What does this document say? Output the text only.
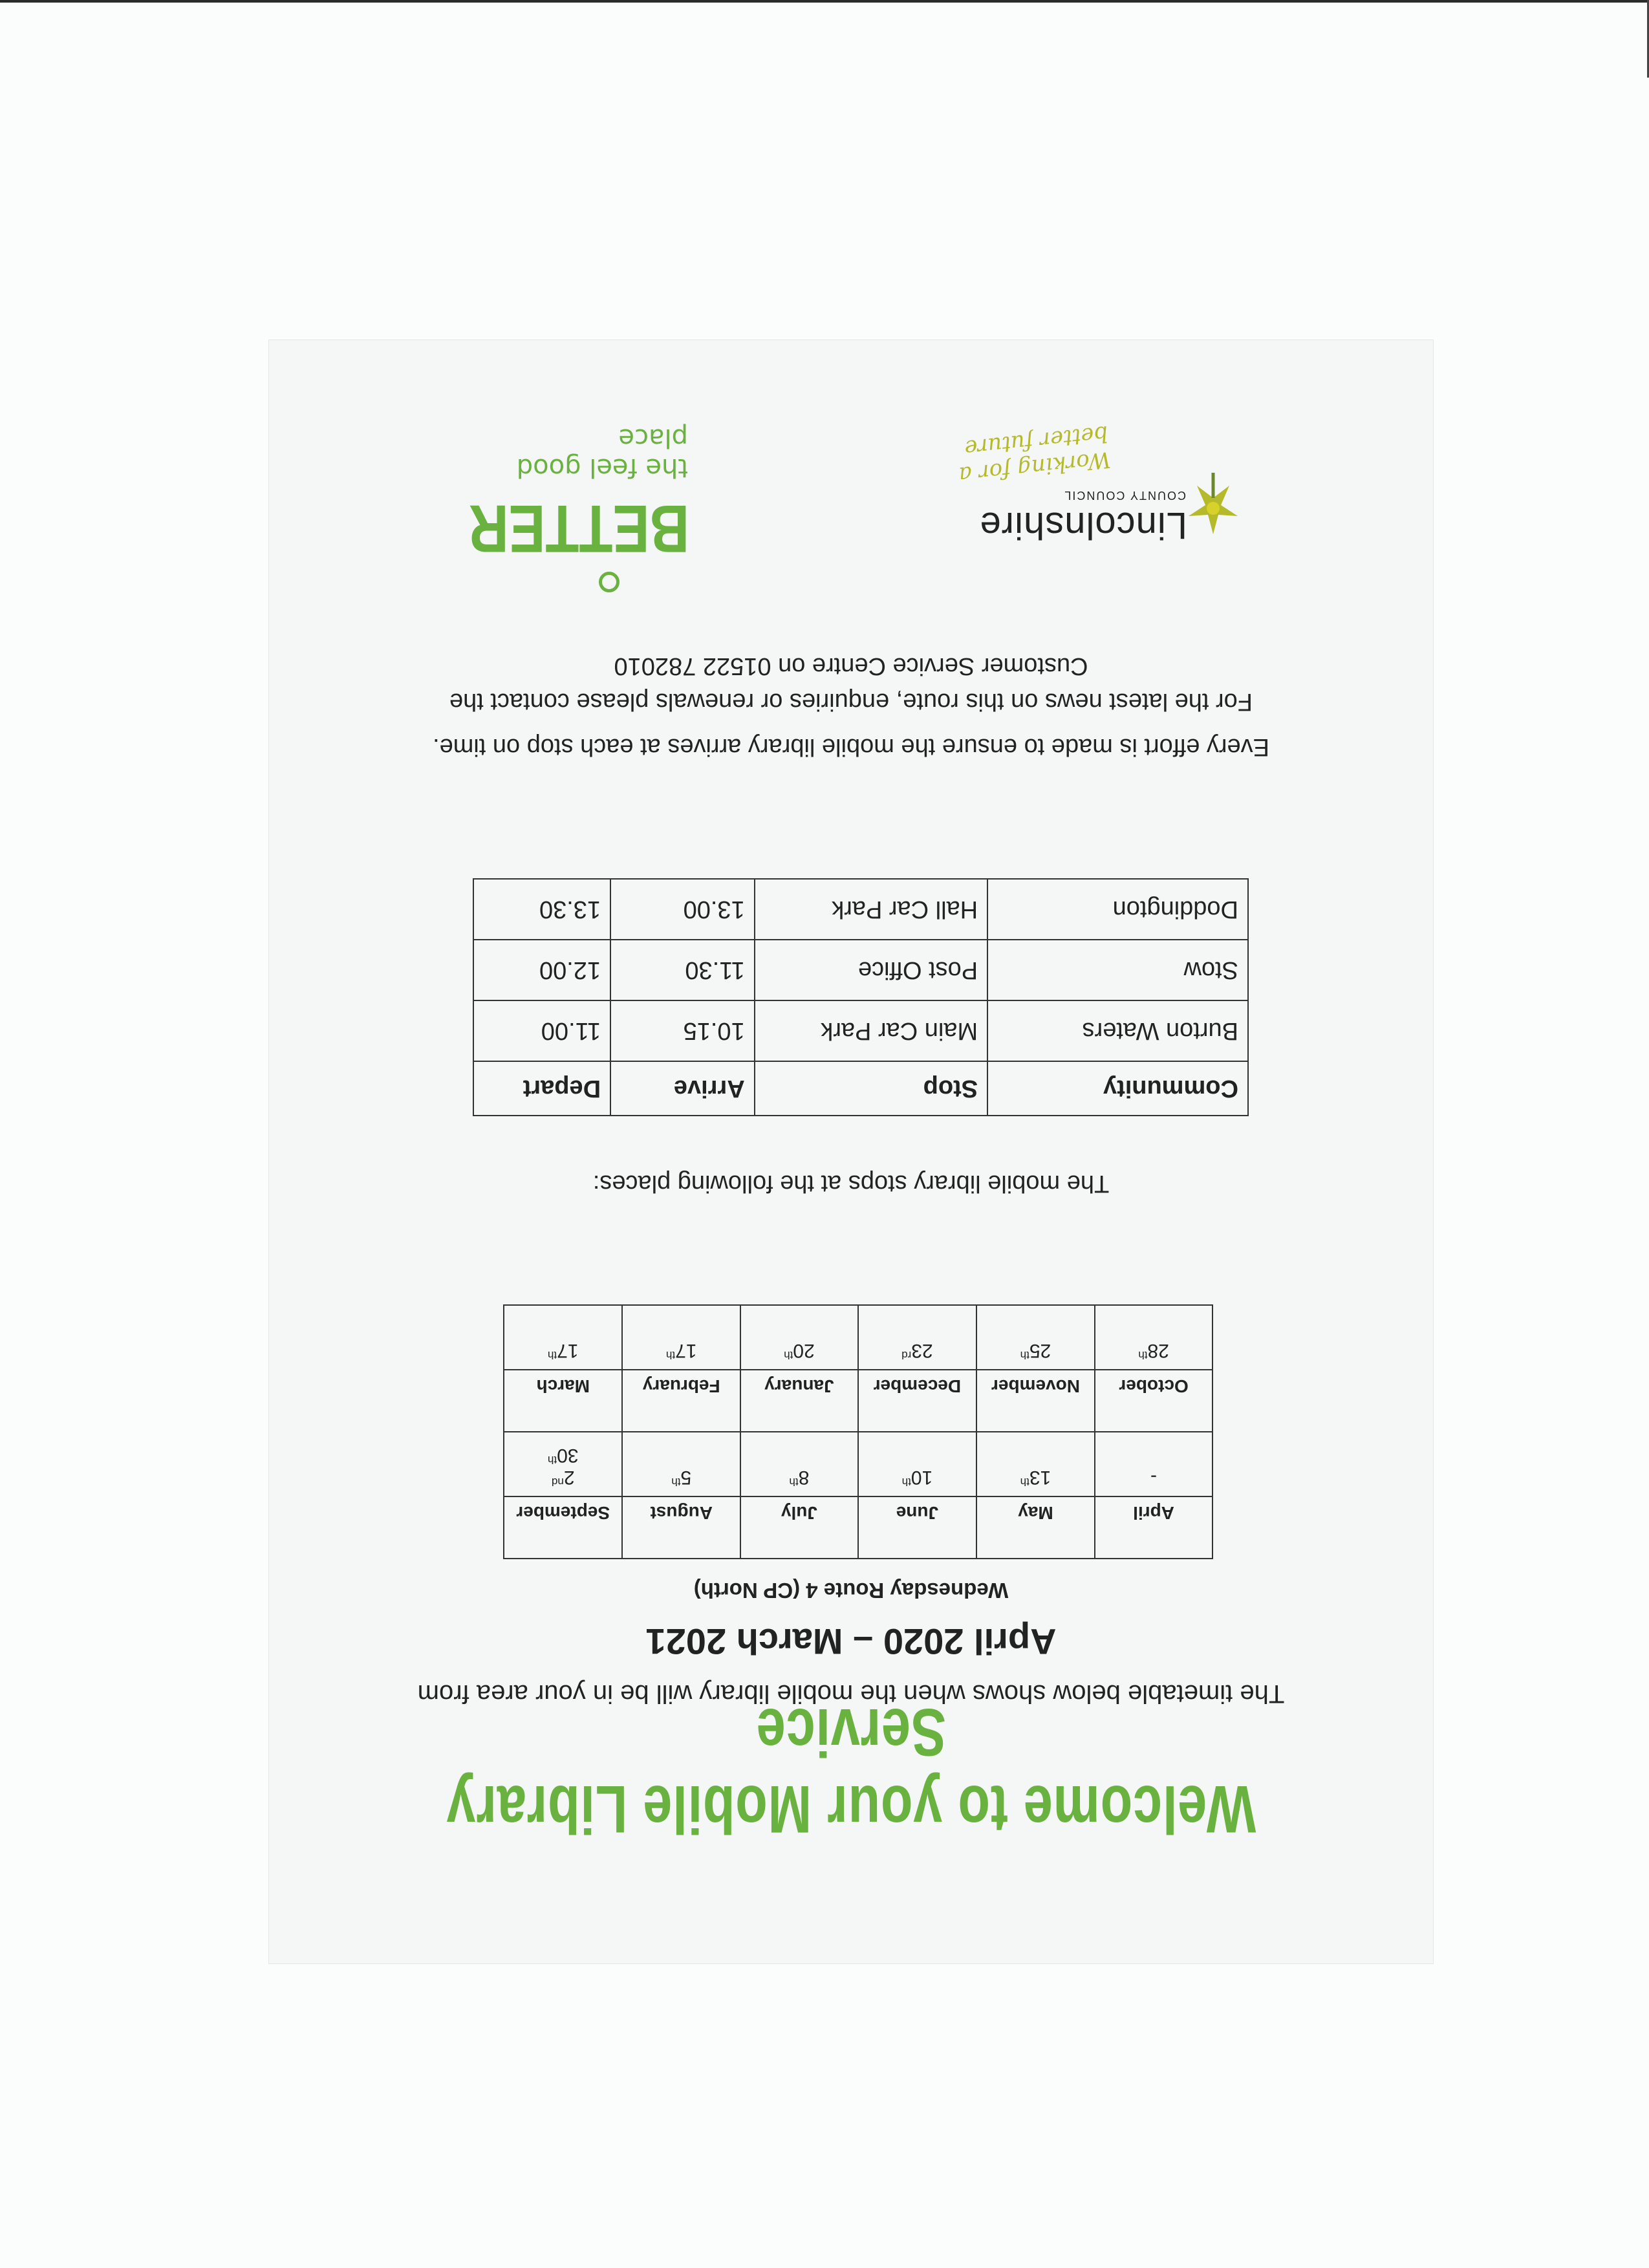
Welcome to your Mobile Library Service
The timetable below shows when the mobile library will be in your area from
April 2020 – March 2021
Wednesday Route 4 (CP North)
April	May	June	July	August	September
-	13th	10th	8th	5th	2nd
30th
October	November	December	January	February	March
28th	25th	23rd	20th	17th	17th
The mobile library stops at the following places:
Community	Stop	Arrive	Depart
Burton Waters	Main Car Park	10.15	11.00
Stow	Post Office	11.30	12.00
Doddington	Hall Car Park	13.00	13.30
Every effort is made to ensure the mobile library arrives at each stop on time.
For the latest news on this route, enquiries or renewals please contact the
Customer Service Centre on 01522 782010
Lincolnshire
COUNTY COUNCIL
Working for a better future
BETTER
the feel good place
